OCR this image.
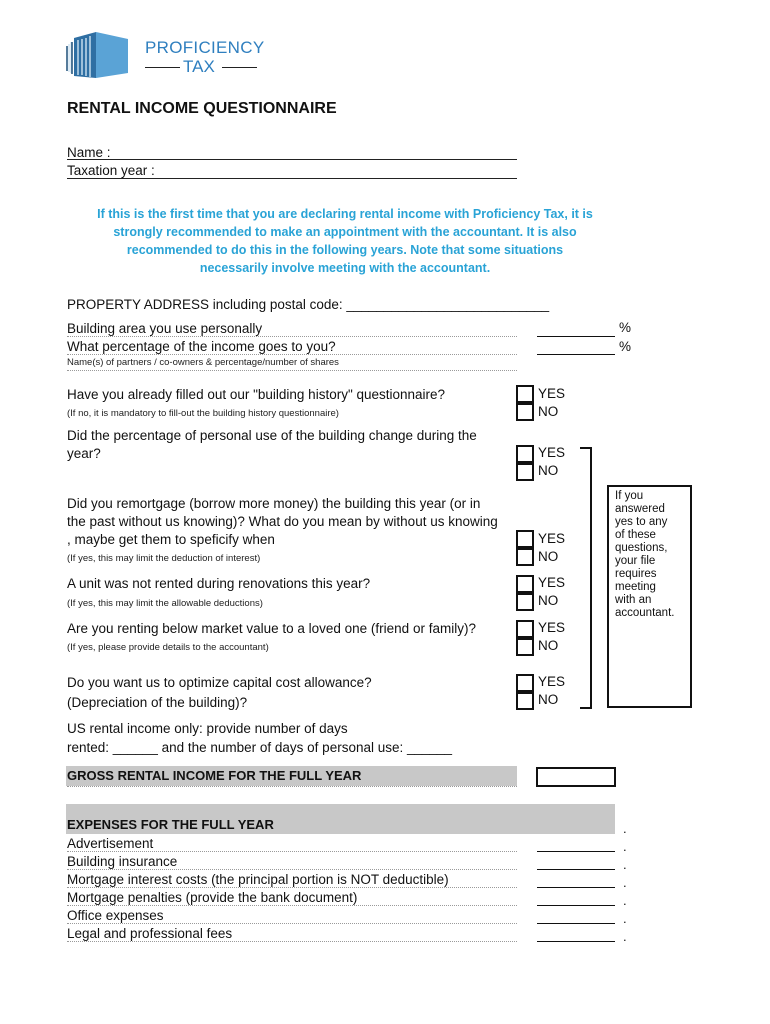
PROFICIENCY
TAX
RENTAL INCOME QUESTIONNAIRE
Name :
Taxation year :
If this is the first time that you are declaring rental income with Proficiency Tax, it is
strongly recommended to make an appointment with the accountant. It is also
recommended to do this in the following years. Note that some situations
necessarily involve meeting with the accountant.
PROPERTY ADDRESS including postal code: ___________________________
Building area you use personally	%
What percentage of the income goes to you?	%
Name(s) of partners / co-owners & percentage/number of shares
Have you already filled out our "building history" questionnaire?
(If no, it is mandatory to fill-out the building history questionnaire)
YES
NO
Did the percentage of personal use of the building change during the
year?	YES
NO
Did you remortgage (borrow more money) the building this year (or in
the past without us knowing)? What do you mean by without us knowing
, maybe get them to speficify when
(If yes, this may limit the deduction of interest)
YES
NO
A unit was not rented during renovations this year?
(If yes, this may limit the allowable deductions)
YES
NO
Are you renting below market value to a loved one (friend or family)?
(If yes, please provide details to the accountant)
YES
NO
Do you want us to optimize capital cost allowance?
(Depreciation of the building)?
YES
NO
If you
answered
yes to any
of these
questions,
your file
requires
meeting
with an
accountant.
US rental income only: provide number of days
rented: ______ and the number of days of personal use: ______
GROSS RENTAL INCOME FOR THE FULL YEAR
EXPENSES FOR THE FULL YEAR	.
Advertisement	.
Building insurance	.
Mortgage interest costs (the principal portion is NOT deductible)	.
Mortgage penalties (provide the bank document)	.
Office expenses	.
Legal and professional fees	.
